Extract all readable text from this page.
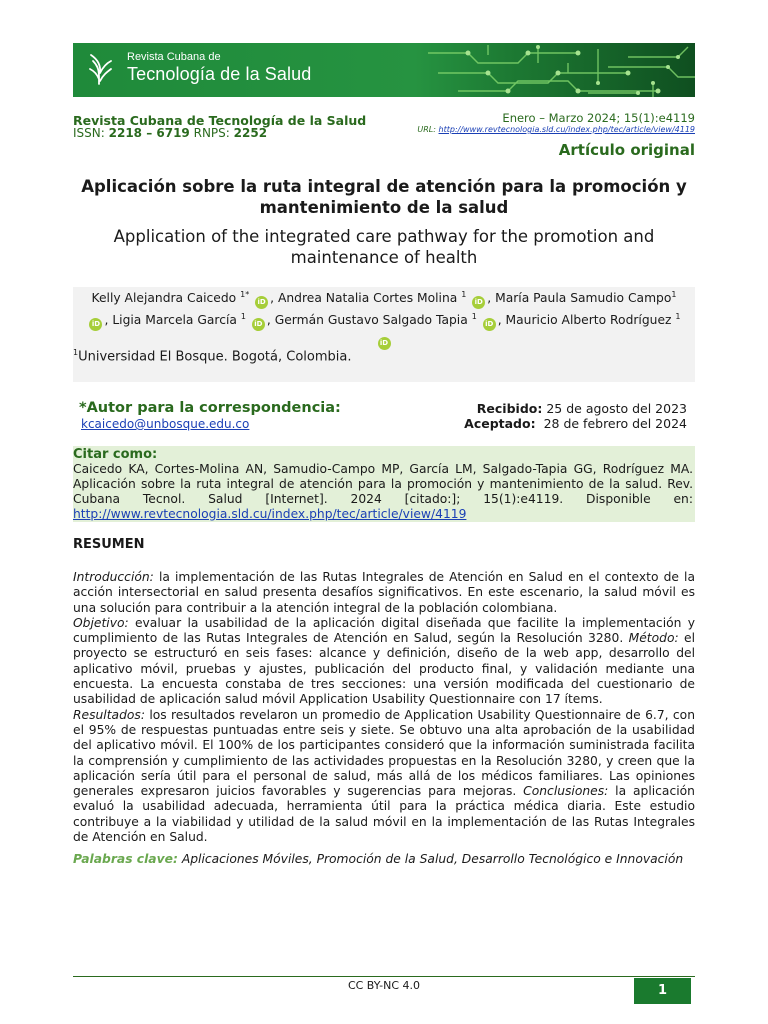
Revista Cubana de
Tecnología de la Salud
Revista Cubana de Tecnología de la Salud
ISSN: 2218 – 6719 RNPS: 2252
Enero – Marzo 2024; 15(1):e4119
URL: http://www.revtecnologia.sld.cu/index.php/tec/article/view/4119
Artículo original
Aplicación sobre la ruta integral de atención para la promoción y mantenimiento de la salud
Application of the integrated care pathway for the promotion and maintenance of health
Kelly Alejandra Caicedo $^{1*}$ iD , Andrea Natalia Cortes Molina $^1$ iD , María Paula Samudio Campo$^1$
iD , Ligia Marcela García $^1$ iD , Germán Gustavo Salgado Tapia $^1$ iD , Mauricio Alberto Rodríguez $^1$
iD
$^1$Universidad El Bosque. Bogotá, Colombia.
*Autor para la correspondencia:
kcaicedo@unbosque.edu.co
Recibido: 25 de agosto del 2023
Aceptado: 28 de febrero del 2024
Citar como:
Caicedo KA, Cortes-Molina AN, Samudio-Campo MP, García LM, Salgado-Tapia GG, Rodríguez MA. Aplicación sobre la ruta integral de atención para la promoción y mantenimiento de la salud. Rev. Cubana Tecnol. Salud [Internet]. 2024 [citado:]; 15(1):e4119. Disponible en: http://www.revtecnologia.sld.cu/index.php/tec/article/view/4119
RESUMEN
Introducción: la implementación de las Rutas Integrales de Atención en Salud en el contexto de la acción intersectorial en salud presenta desafíos significativos. En este escenario, la salud móvil es una solución para contribuir a la atención integral de la población colombiana.
Objetivo: evaluar la usabilidad de la aplicación digital diseñada que facilite la implementación y cumplimiento de las Rutas Integrales de Atención en Salud, según la Resolución 3280. Método: el proyecto se estructuró en seis fases: alcance y definición, diseño de la web app, desarrollo del aplicativo móvil, pruebas y ajustes, publicación del producto final, y validación mediante una encuesta. La encuesta constaba de tres secciones: una versión modificada del cuestionario de usabilidad de aplicación salud móvil Application Usability Questionnaire con 17 ítems.
Resultados: los resultados revelaron un promedio de Application Usability Questionnaire de 6.7, con el 95% de respuestas puntuadas entre seis y siete. Se obtuvo una alta aprobación de la usabilidad del aplicativo móvil. El 100% de los participantes consideró que la información suministrada facilita la comprensión y cumplimiento de las actividades propuestas en la Resolución 3280, y creen que la aplicación sería útil para el personal de salud, más allá de los médicos familiares. Las opiniones generales expresaron juicios favorables y sugerencias para mejoras. Conclusiones: la aplicación evaluó la usabilidad adecuada, herramienta útil para la práctica médica diaria. Este estudio contribuye a la viabilidad y utilidad de la salud móvil en la implementación de las Rutas Integrales de Atención en Salud.
Palabras clave: Aplicaciones Móviles, Promoción de la Salud, Desarrollo Tecnológico e Innovación
CC BY-NC 4.0	1
